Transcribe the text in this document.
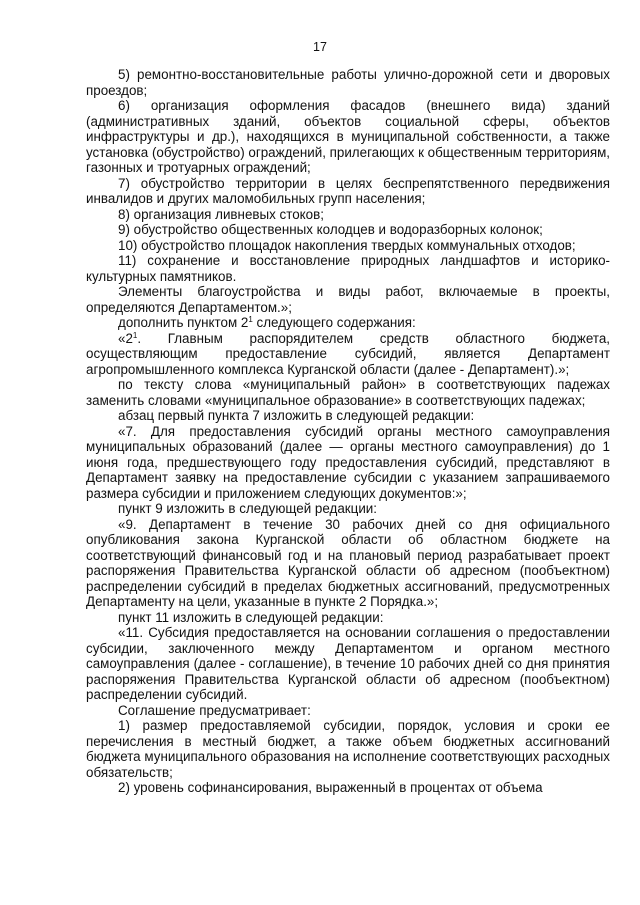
17

5) ремонтно-восстановительные работы улично-дорожной сети и дворовых проездов;

6) организация оформления фасадов (внешнего вида) зданий (административных зданий, объектов социальной сферы, объектов инфраструктуры и др.), находящихся в муниципальной собственности, а также установка (обустройство) ограждений, прилегающих к общественным территориям, газонных и тротуарных ограждений;

7) обустройство территории в целях беспрепятственного передвижения инвалидов и других маломобильных групп населения;

8) организация ливневых стоков;

9) обустройство общественных колодцев и водоразборных колонок;

10) обустройство площадок накопления твердых коммунальных отходов;

11) сохранение и восстановление природных ландшафтов и историко-культурных памятников.

Элементы благоустройства и виды работ, включаемые в проекты, определяются Департаментом.»;

дополнить пунктом $2^1$ следующего содержания:

«$2^1$. Главным распорядителем средств областного бюджета, осуществляющим предоставление субсидий, является Департамент агропромышленного комплекса Курганской области (далее - Департамент).»;

по тексту слова «муниципальный район» в соответствующих падежах заменить словами «муниципальное образование» в соответствующих падежах;

абзац первый пункта 7 изложить в следующей редакции:

«7. Для предоставления субсидий органы местного самоуправления муниципальных образований (далее — органы местного самоуправления) до 1 июня года, предшествующего году предоставления субсидий, представляют в Департамент заявку на предоставление субсидии с указанием запрашиваемого размера субсидии и приложением следующих документов:»;

пункт 9 изложить в следующей редакции:

«9. Департамент в течение 30 рабочих дней со дня официального опубликования закона Курганской области об областном бюджете на соответствующий финансовый год и на плановый период разрабатывает проект распоряжения Правительства Курганской области об адресном (пообъектном) распределении субсидий в пределах бюджетных ассигнований, предусмотренных Департаменту на цели, указанные в пункте 2 Порядка.»;

пункт 11 изложить в следующей редакции:

«11. Субсидия предоставляется на основании соглашения о предоставлении субсидии, заключенного между Департаментом и органом местного самоуправления (далее - соглашение), в течение 10 рабочих дней со дня принятия распоряжения Правительства Курганской области об адресном (пообъектном) распределении субсидий.

Соглашение предусматривает:

1) размер предоставляемой субсидии, порядок, условия и сроки ее перечисления в местный бюджет, а также объем бюджетных ассигнований бюджета муниципального образования на исполнение соответствующих расходных обязательств;

2) уровень софинансирования, выраженный в процентах от объема
